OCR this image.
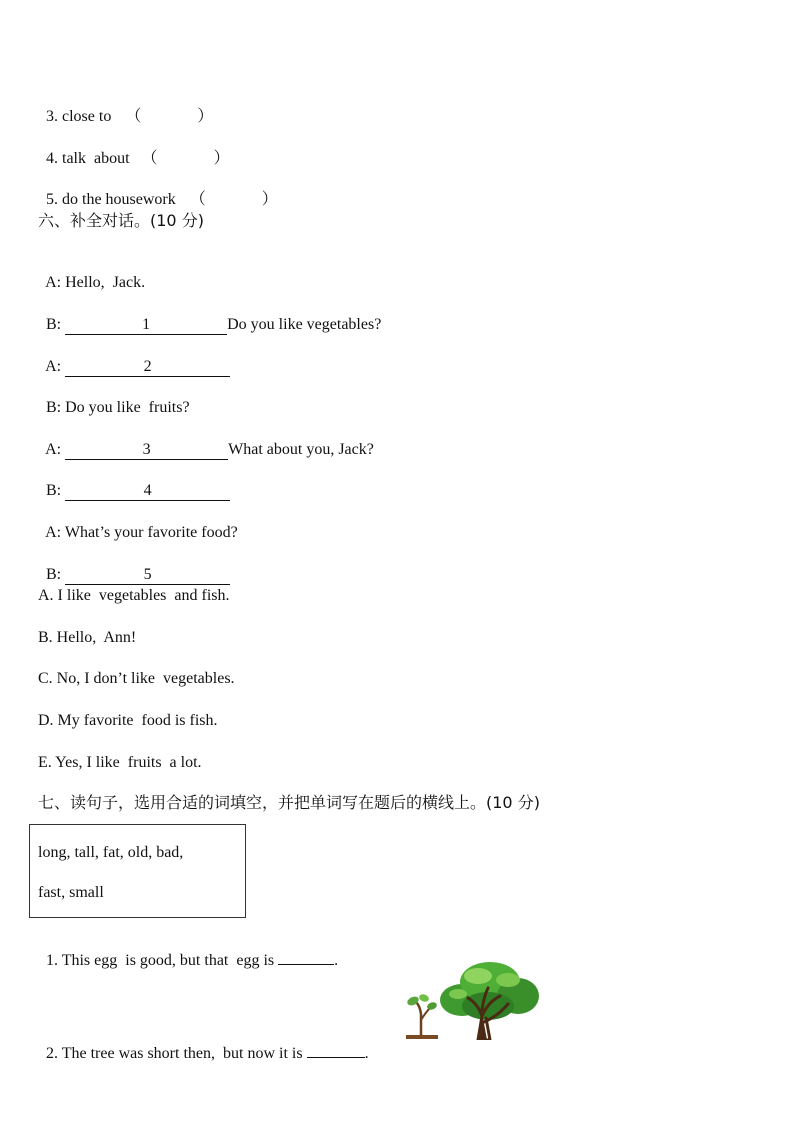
3. close to （	）

4. talk  about （	）

5. do the housework （	）

六、补全对话。(10 分)

A: Hello,  Jack.

B:	1	Do you like vegetables?

A:	2

B: Do you like  fruits?

A:	3	What about you, Jack?

B:	4

A: What’s your favorite food?

B:	5

A. I like  vegetables  and fish.
B. Hello,  Ann!
C. No, I don’t like  vegetables.
D. My favorite  food is fish.
E. Yes, I like  fruits  a lot.
七、读句子，选用合适的词填空，并把单词写在题后的横线上。(10 分)
long, tall, fat, old, bad,
fast, small

1. This egg  is good, but that  egg is	.

2. The tree was short then,  but now it is	.
